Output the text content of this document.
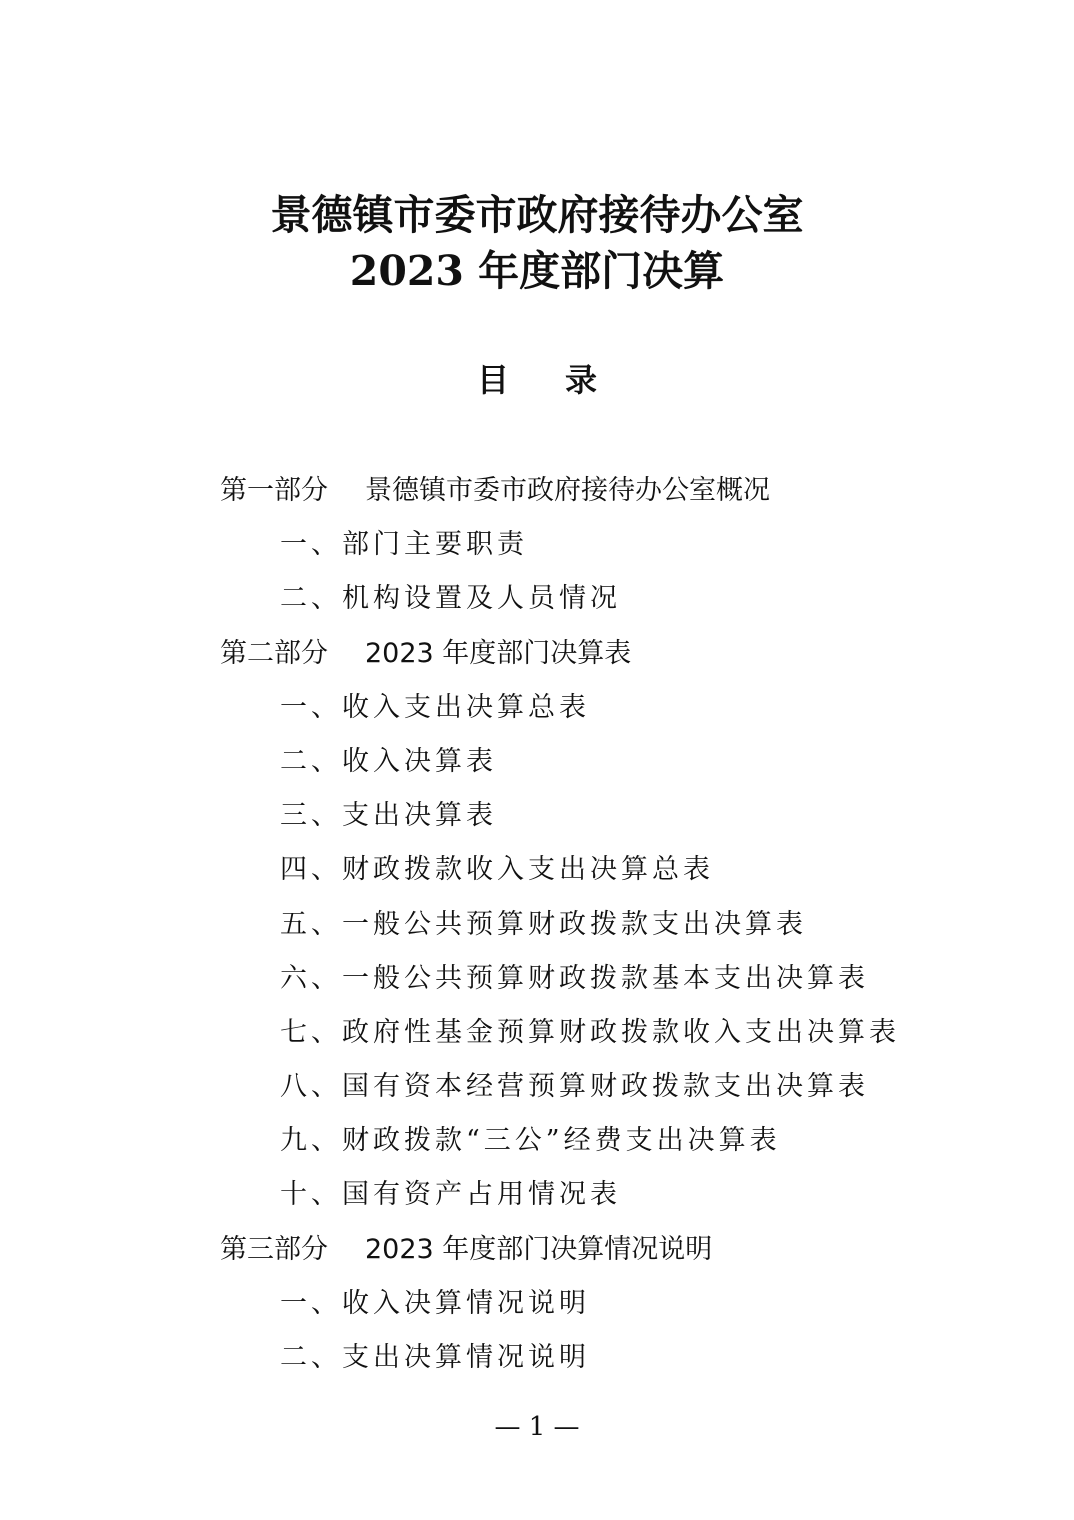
景德镇市委市政府接待办公室
2023 年度部门决算
目录
第一部分 景德镇市委市政府接待办公室概况
一、部门主要职责
二、机构设置及人员情况
第二部分 2023 年度部门决算表
一、收入支出决算总表
二、收入决算表
三、支出决算表
四、财政拨款收入支出决算总表
五、一般公共预算财政拨款支出决算表
六、一般公共预算财政拨款基本支出决算表
七、政府性基金预算财政拨款收入支出决算表
八、国有资本经营预算财政拨款支出决算表
九、财政拨款“三公”经费支出决算表
十、国有资产占用情况表
第三部分 2023 年度部门决算情况说明
一、收入决算情况说明
二、支出决算情况说明
— 1 —
